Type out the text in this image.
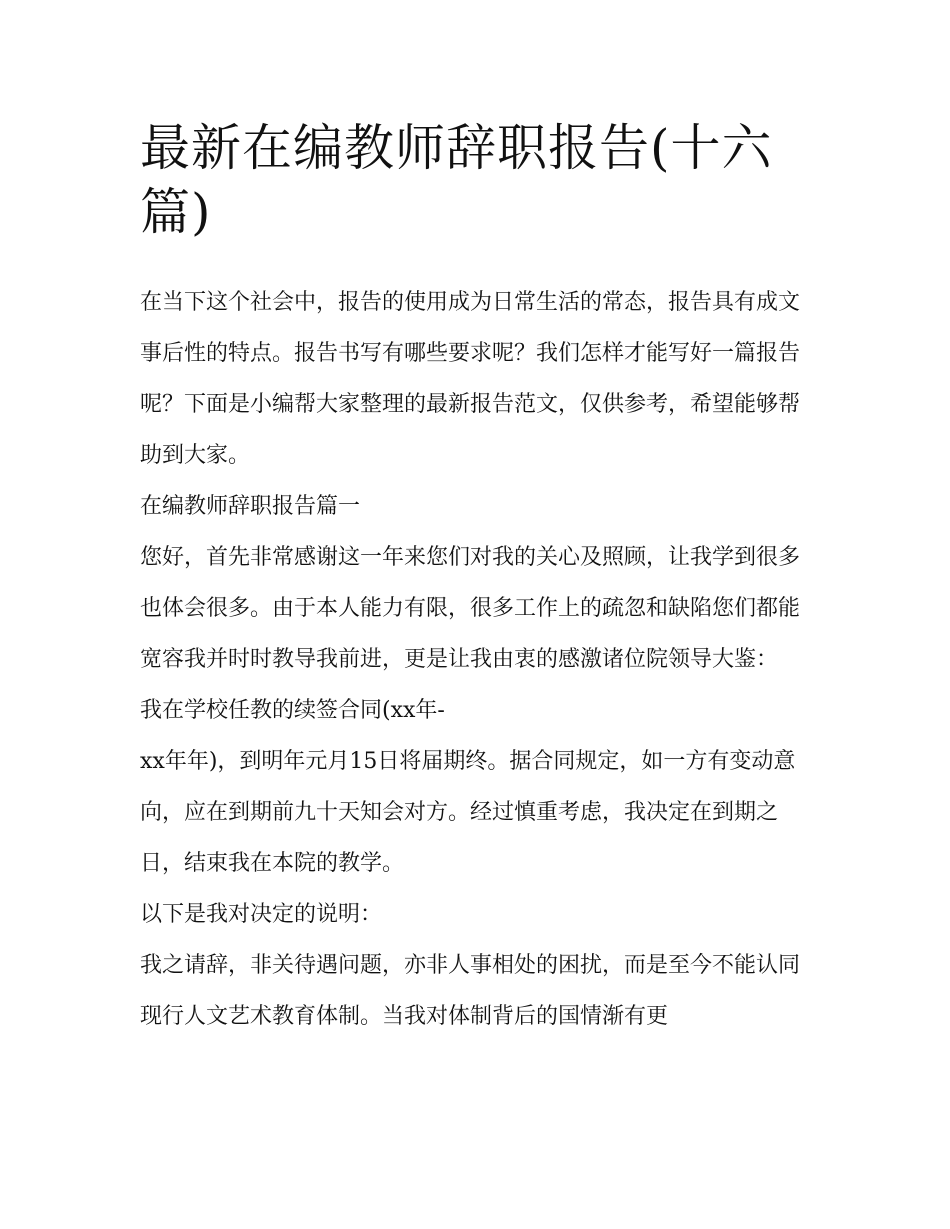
最新在编教师辞职报告(十六篇)

在当下这个社会中，报告的使用成为日常生活的常态，报告具有成文事后性的特点。报告书写有哪些要求呢？我们怎样才能写好一篇报告呢？下面是小编帮大家整理的最新报告范文，仅供参考，希望能够帮助到大家。

在编教师辞职报告篇一

您好，首先非常感谢这一年来您们对我的关心及照顾，让我学到很多也体会很多。由于本人能力有限，很多工作上的疏忽和缺陷您们都能宽容我并时时教导我前进，更是让我由衷的感激诸位院领导大鉴：

我在学校任教的续签合同(xx年-

xx年年)，到明年元月15日将届期终。据合同规定，如一方有变动意向，应在到期前九十天知会对方。经过慎重考虑，我决定在到期之日，结束我在本院的教学。

以下是我对决定的说明：

我之请辞，非关待遇问题，亦非人事相处的困扰，而是至今不能认同现行人文艺术教育体制。当我对体制背后的国情渐有更
